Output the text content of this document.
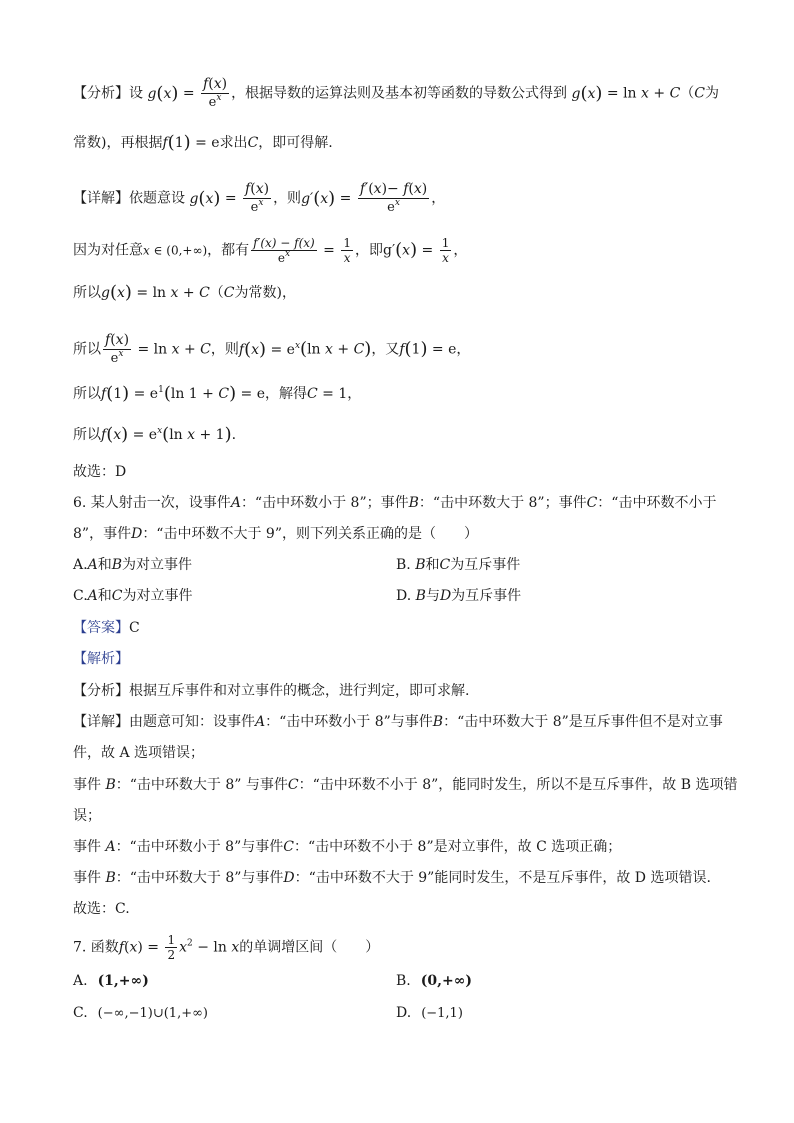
【分析】设 $g(x) = \frac{f(x)}{e^x}$ ，根据导数的运算法则及基本初等函数的导数公式得到 g(x) = ln x + C（C为
常数)，再根据f(1) = e求出C，即可得解.
【详解】依题意设 $g(x) = \frac{f(x)}{e^x}$ ，则$g'(x) = \frac{f'(x)- f(x)}{e^x}$ ，
因为对任意x ∈ (0,+∞)，都有 $\frac{f'(x) - f(x)}{e^x} = \frac{1}{x}$ ，即$g'(x) = \frac{1}{x}$ ，
所以g(x) = ln x + C（C为常数)，
所以 $\frac{f(x)}{e^x} = \ln x + C$，则$f(x) = e^x(\ln$ x + C)，又f(1) = e，
所以$f(1) = e^1(\ln$ 1 + C) = e，解得C = 1，
所以$f(x) = e^x(\ln$ x + 1).
故选：D
6. 某人射击一次，设事件A：“击中环数小于 8”；事件B：“击中环数大于 8”；事件C：“击中环数不小于
8”，事件D：“击中环数不大于 9”，则下列关系正确的是（　　）
A.A和B为对立事件	B. B和C为互斥事件
C.A和C为对立事件	D. B与D为互斥事件
【答案】C
【解析】
【分析】根据互斥事件和对立事件的概念，进行判定，即可求解.
【详解】由题意可知：设事件A：“击中环数小于 8”与事件B：“击中环数大于 8”是互斥事件但不是对立事
件，故 A 选项错误；
事件 B：“击中环数大于 8” 与事件C：“击中环数不小于 8”，能同时发生，所以不是互斥事件，故 B 选项错
误；
事件 A：“击中环数小于 8”与事件C：“击中环数不小于 8”是对立事件，故 C 选项正确；
事件 B：“击中环数大于 8”与事件D：“击中环数不大于 9”能同时发生，不是互斥事件，故 D 选项错误.
故选：C.
7. 函数$f(x) = \frac{1}{2} x^2 - \ln x$的单调增区间（　　）
A. (1,+∞)	B. (0,+∞)
C. (−∞,−1)∪(1,+∞)	D. (−1,1)
